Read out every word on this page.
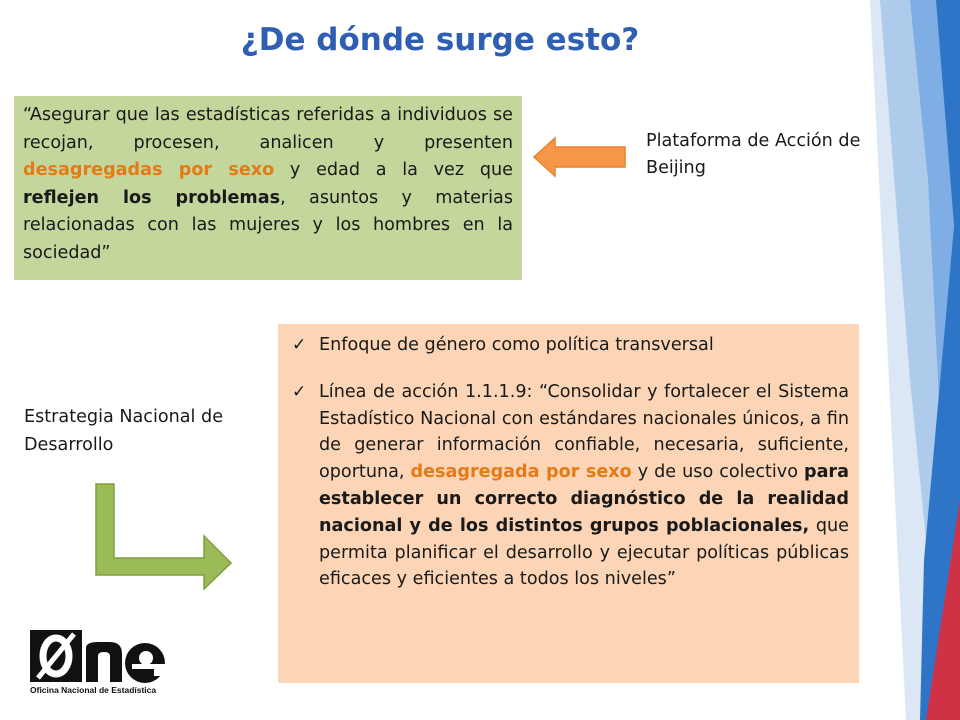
¿De dónde surge esto?
“Asegurar que las estadísticas referidas a individuos se recojan, procesen, analicen y presenten desagregadas por sexo y edad a la vez que reflejen los problemas, asuntos y materias relacionadas con las mujeres y los hombres en la sociedad”
Plataforma de Acción de Beijing
Estrategia Nacional de Desarrollo
✓ Enfoque de género como política transversal
✓ Línea de acción 1.1.1.9: “Consolidar y fortalecer el Sistema Estadístico Nacional con estándares nacionales únicos, a fin de generar información confiable, necesaria, suficiente, oportuna, desagregada por sexo y de uso colectivo para establecer un correcto diagnóstico de la realidad nacional y de los distintos grupos poblacionales, que permita planificar el desarrollo y ejecutar políticas públicas eficaces y eficientes a todos los niveles”
Oficina Nacional de Estadística
